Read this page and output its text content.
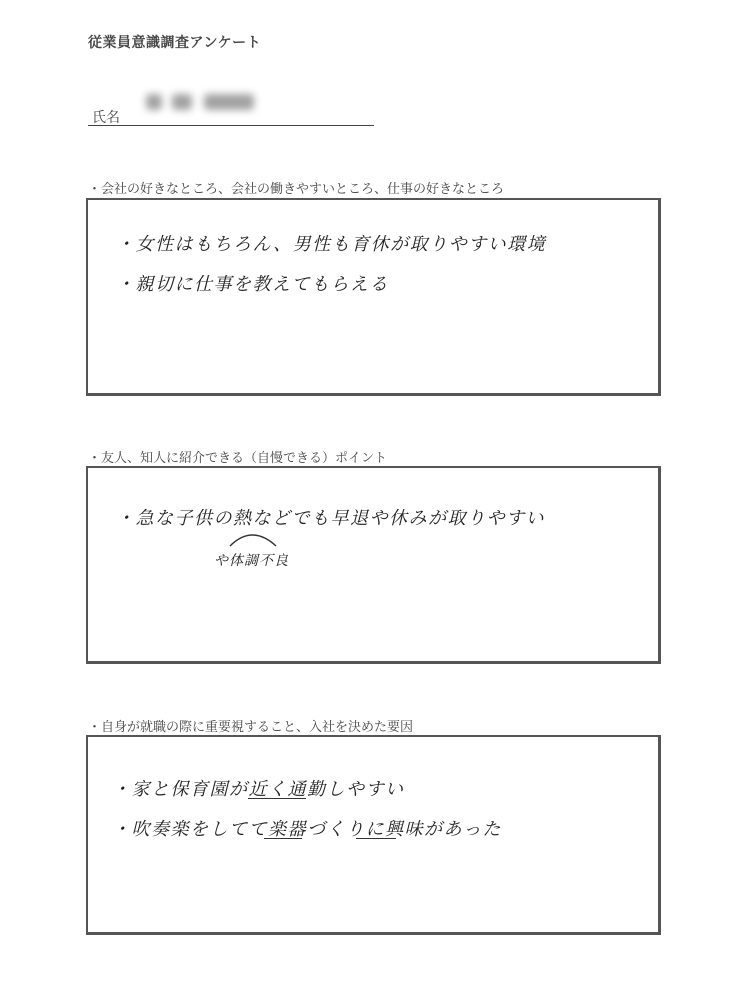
従業員意識調査アンケート
氏名
・会社の好きなところ、会社の働きやすいところ、仕事の好きなところ
・女性はもちろん、男性も育休が取りやすい環境
・親切に仕事を教えてもらえる
・友人、知人に紹介できる（自慢できる）ポイント
・急な子供の熱などでも早退や休みが取りやすい
や体調不良
・自身が就職の際に重要視すること、入社を決めた要因
・家と保育園が近く通勤しやすい
・吹奏楽をしてて楽器づくりに興味があった
